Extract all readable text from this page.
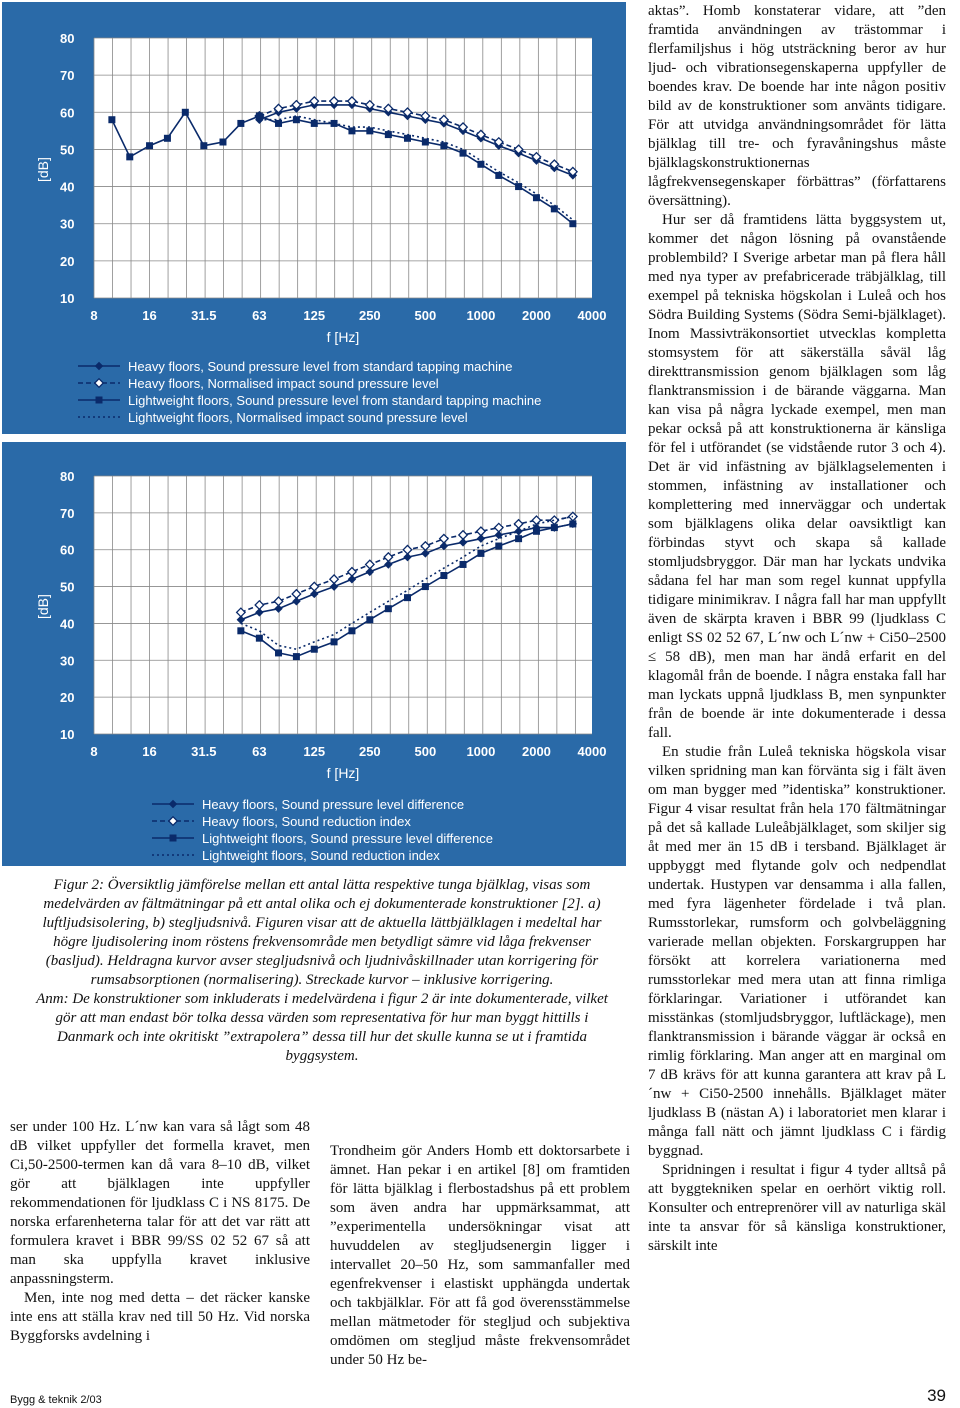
80
70
60
50
40
30
20
10
[dB]
8	16	31.5	63	125	250	500 1000 2000 4000
f [Hz]
Heavy floors, Sound pressure level from standard tapping machine
Heavy floors, Normalised impact sound pressure level
Lightweight floors, Sound pressure level from standard tapping machine
Lightweight floors, Normalised impact sound pressure level
80
70
60
50
40
30
20
10
[dB]
8	16	31.5	63	125	250	500 1000 2000 4000
f [Hz]
Heavy floors, Sound pressure level difference
Heavy floors, Sound reduction index
Lightweight floors, Sound pressure level difference
Lightweight floors, Sound reduction index

Figur 2: Översiktlig jämförelse mellan ett antal lätta respektive tunga bjälklag, visas som medelvärden av fältmätningar på ett antal olika och ej dokumenterade konstruktioner [2]. a) luftljudsisolering, b) stegljudsnivå. Figuren visar att de aktuella lättbjälklagen i medeltal har högre ljudisolering inom röstens frekvensområde men betydligt sämre vid låga frekvenser (basljud). Heldragna kurvor avser stegljudsnivå och ljudnivåskillnader utan korrigering för rumsabsorptionen (normalisering). Streckade kurvor – inklusive korrigering.

Anm: De konstruktioner som inkluderats i medelvärdena i figur 2 är inte dokumenterade, vilket gör att man endast bör tolka dessa värden som representativa för hur man byggt hittills i Danmark och inte okritiskt ”extrapolera” dessa till hur det skulle kunna se ut i framtida byggsystem.

aktas”. Homb konstaterar vidare, att ”den framtida användningen av trästommar i flerfamiljshus i hög utsträckning beror av hur ljud- och vibrationsegenskaperna uppfyller de boendes krav. De boende har inte någon positiv bild av de konstruktioner som använts tidigare. För att utvidga användningsområdet för lätta bjälklag till tre- och fyravåningshus måste bjälklagskonstruktionernas lågfrekvensegenskaper förbättras” (författarens översättning).

Hur ser då framtidens lätta byggsystem ut, kommer det någon lösning på ovanstående problembild? I Sverige arbetar man på flera håll med nya typer av prefabricerade träbjälklag, till exempel på tekniska högskolan i Luleå och hos Södra Building Systems (Södra Semi-bjälklaget). Inom Massivträkonsortiet utvecklas kompletta stomsystem för att säkerställa såväl låg direkttransmission genom bjälklagen som låg flanktransmission i de bärande väggarna. Man kan visa på några lyckade exempel, men man pekar också på att konstruktionerna är känsliga för fel i utförandet (se vidstående rutor 3 och 4). Det är vid infästning av bjälklagselementen i stommen, infästning av installationer och komplettering med innerväggar och undertak som bjälklagens olika delar oavsiktligt kan förbindas styvt och skapa så kallade stomljudsbryggor. Där man har lyckats undvika sådana fel har man som regel kunnat uppfylla tidigare minimikrav. I några fall har man uppfyllt även de skärpta kraven i BBR 99 (ljudklass C enligt SS 02 52 67, L´nw och L´nw + Ci50–2500 ≤ 58 dB), men man har ändå erfarit en del klagomål från de boende. I några enstaka fall har man lyckats uppnå ljudklass B, men synpunkter från de boende är inte dokumenterade i dessa fall.

En studie från Luleå tekniska högskola visar vilken spridning man kan förvänta sig i fält även om man bygger med ”identiska” konstruktioner. Figur 4 visar resultat från hela 170 fältmätningar på det så kallade Luleåbjälklaget, som skiljer sig åt med mer än 15 dB i tersband. Bjälklaget är uppbyggt med flytande golv och nedpendlat undertak. Hustypen var densamma i alla fallen, med fyra lägenheter fördelade i två plan. Rumsstorlekar, rumsform och golvbeläggning varierade mellan objekten. Forskargruppen har försökt att korrelera variationerna med rumsstorlekar med mera utan att finna rimliga förklaringar. Variationer i utförandet kan misstänkas (stomljudsbryggor, luftläckage), men flanktransmission i bärande väggar är också en rimlig förklaring. Man anger att en marginal om 7 dB krävs för att kunna garantera att krav på L´nw + Ci50-2500 innehålls. Bjälklaget mäter ljudklass B (nästan A) i laboratoriet men klarar i många fall nätt och jämnt ljudklass C i färdig byggnad.

Spridningen i resultat i figur 4 tyder alltså på att byggtekniken spelar en oerhört viktig roll. Konsulter och entreprenörer vill av naturliga skäl inte ta ansvar för så känsliga konstruktioner, särskilt inte

ser under 100 Hz. L´nw kan vara så lågt som 48 dB vilket uppfyller det formella kravet, men Ci,50-2500-termen kan då vara 8–10 dB, vilket gör att bjälklagen inte uppfyller rekommendationen för ljudklass C i NS 8175. De norska erfarenheterna talar för att det var rätt att formulera kravet i BBR 99/SS 02 52 67 så att man ska uppfylla kravet inklusive anpassningsterm.

Men, inte nog med detta – det räcker kanske inte ens att ställa krav ned till 50 Hz. Vid norska Byggforsks avdelning i

Trondheim gör Anders Homb ett doktorsarbete i ämnet. Han pekar i en artikel [8] om framtiden för lätta bjälklag i flerbostadshus på ett problem som även andra har uppmärksammat, att ”experimentella undersökningar visat att huvuddelen av stegljudsenergin ligger i intervallet 20–50 Hz, som sammanfaller med egenfrekvenser i elastiskt upphängda undertak och takbjälklar. För att få god överensstämmelse mellan mätmetoder för stegljud och subjektiva omdömen om stegljud måste frekvensområdet under 50 Hz be-

Bygg & teknik 2/03	39
